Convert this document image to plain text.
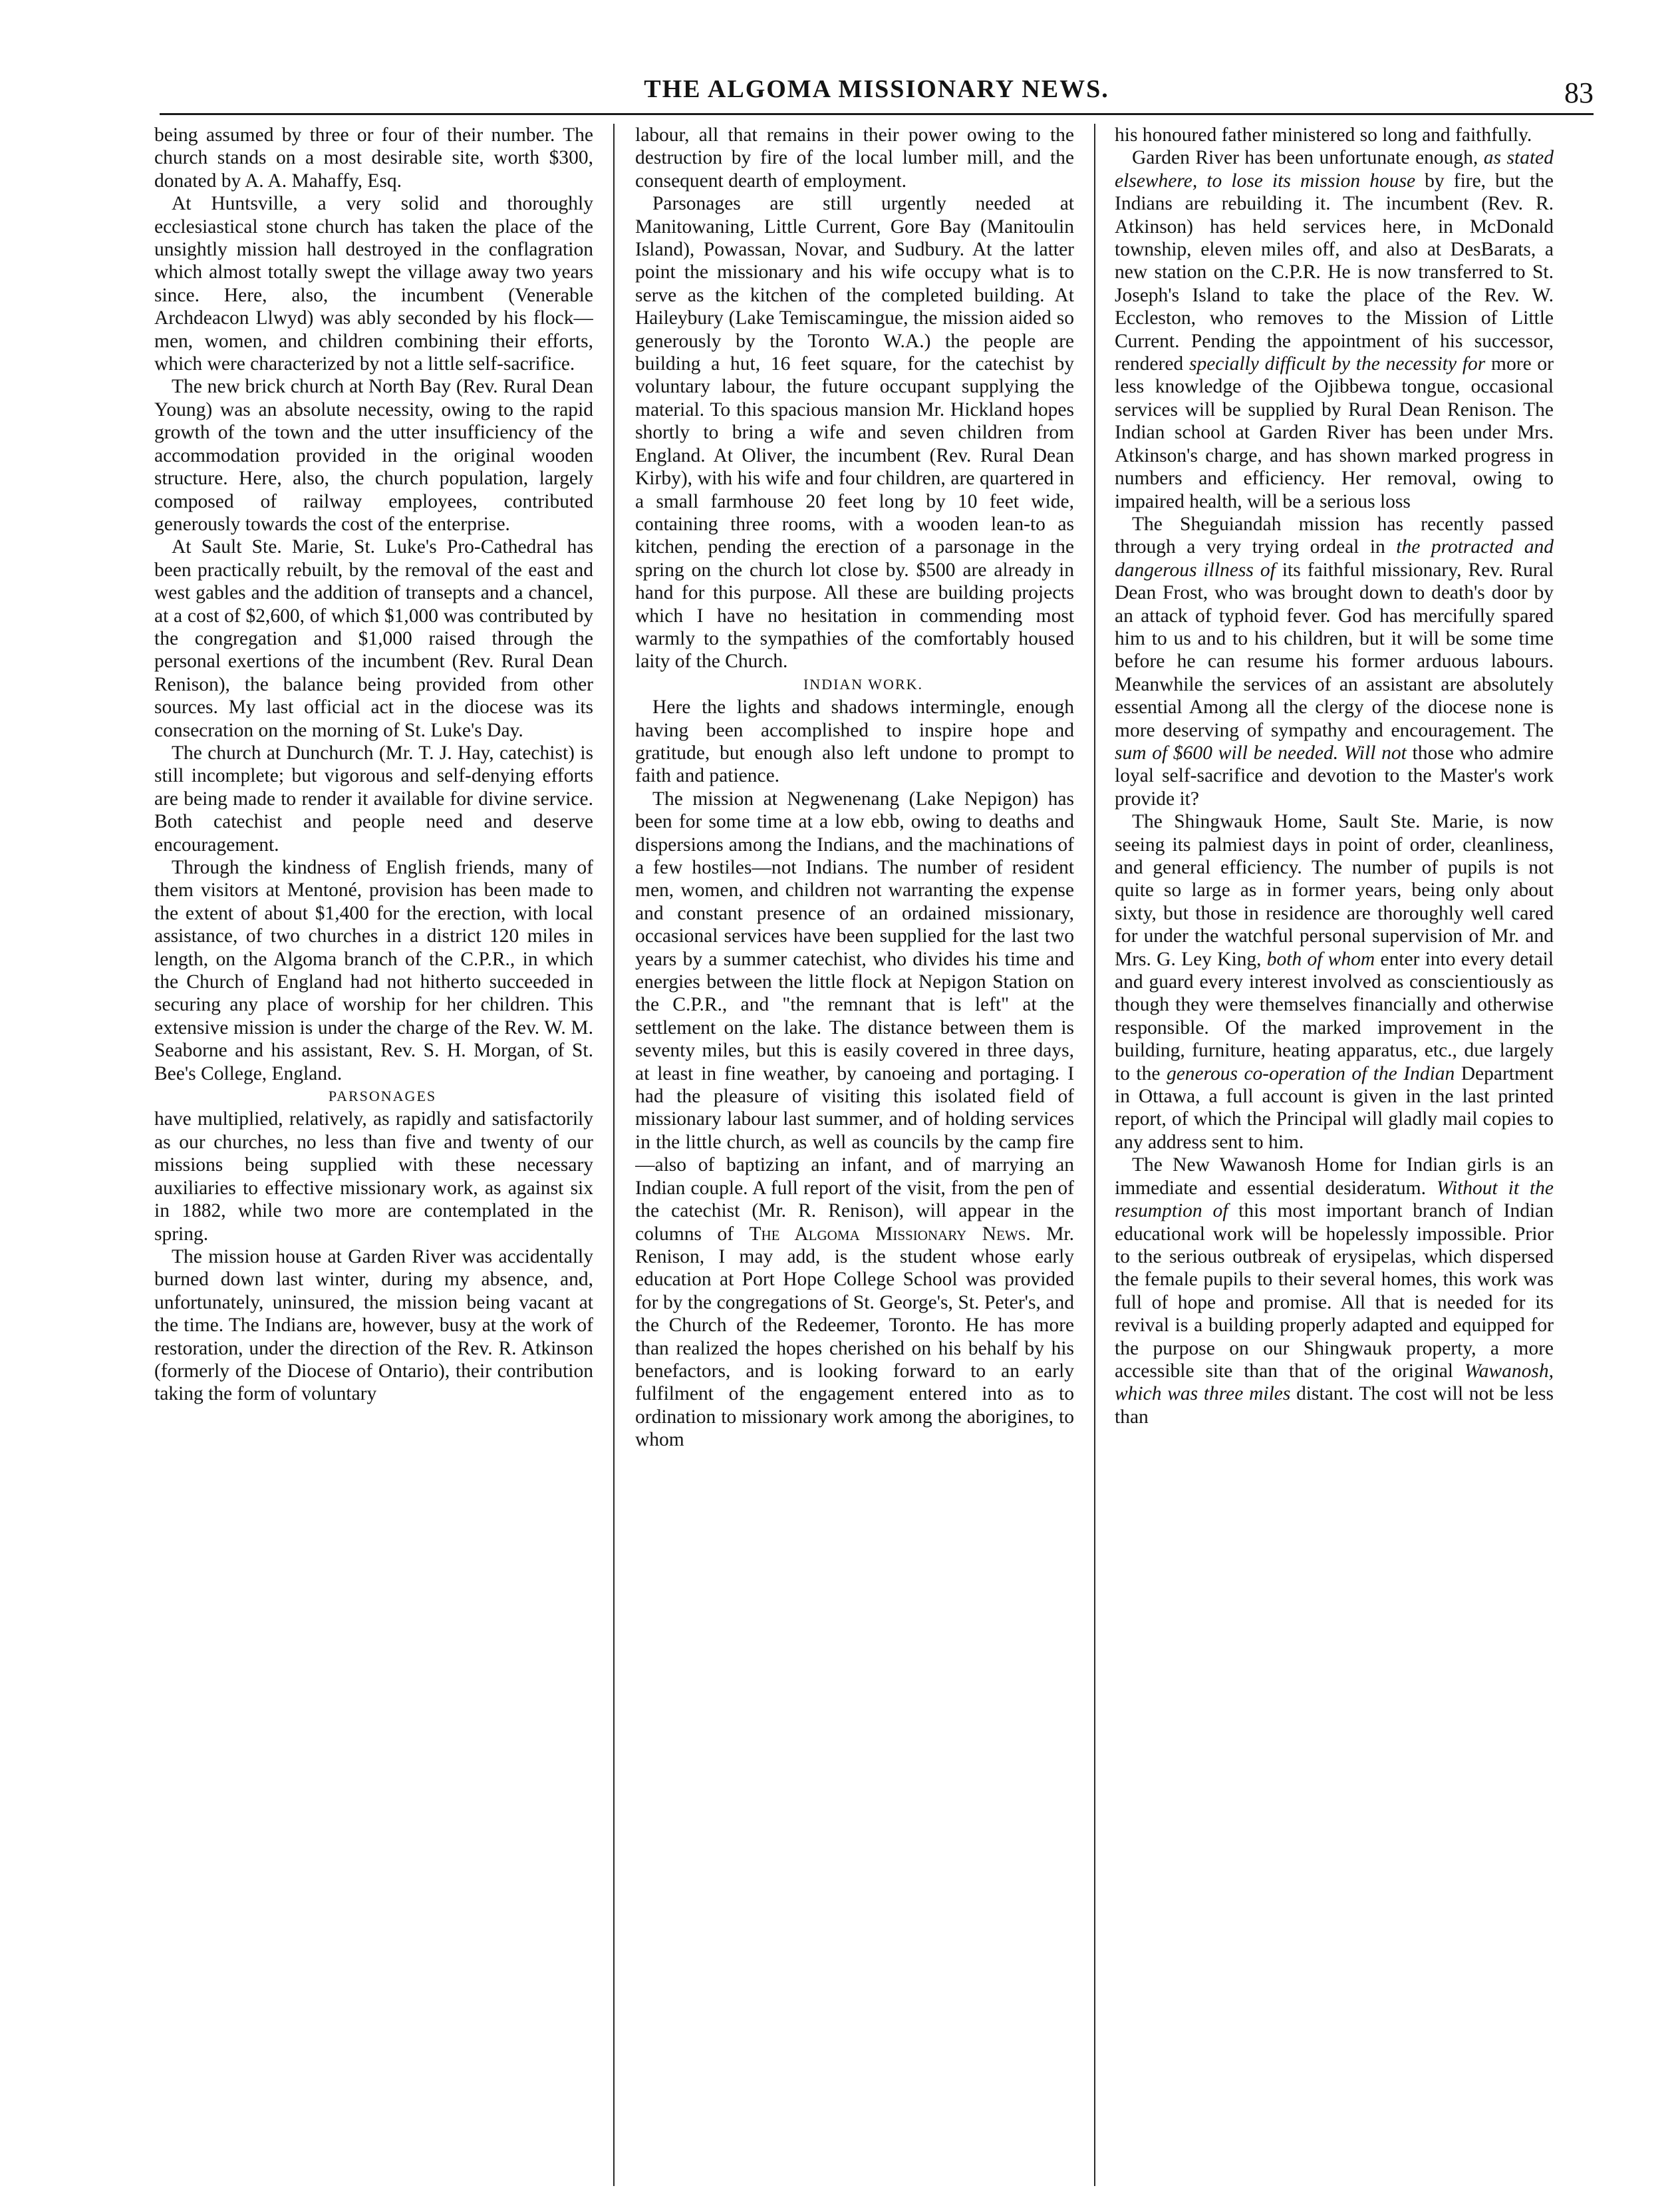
THE ALGOMA MISSIONARY NEWS.	83

being assumed by three or four of their number. The church stands on a most desirable site, worth $300, donated by A. A. Mahaffy, Esq.

At Huntsville, a very solid and thoroughly ecclesiastical stone church has taken the place of the unsightly mission hall destroyed in the conflagration which almost totally swept the village away two years since. Here, also, the incumbent (Venerable Archdeacon Llwyd) was ably seconded by his flock—men, women, and children combining their efforts, which were characterized by not a little self-sacrifice.

The new brick church at North Bay (Rev. Rural Dean Young) was an absolute necessity, owing to the rapid growth of the town and the utter insufficiency of the accommodation provided in the original wooden structure. Here, also, the church population, largely composed of railway employees, contributed generously towards the cost of the enterprise.

At Sault Ste. Marie, St. Luke's Pro-Cathedral has been practically rebuilt, by the removal of the east and west gables and the addition of transepts and a chancel, at a cost of $2,600, of which $1,000 was contributed by the congregation and $1,000 raised through the personal exertions of the incumbent (Rev. Rural Dean Renison), the balance being provided from other sources. My last official act in the diocese was its consecration on the morning of St. Luke's Day.

The church at Dunchurch (Mr. T. J. Hay, catechist) is still incomplete; but vigorous and self-denying efforts are being made to render it available for divine service. Both catechist and people need and deserve encouragement.

Through the kindness of English friends, many of them visitors at Mentoné, provision has been made to the extent of about $1,400 for the erection, with local assistance, of two churches in a district 120 miles in length, on the Algoma branch of the C.P.R., in which the Church of England had not hitherto succeeded in securing any place of worship for her children. This extensive mission is under the charge of the Rev. W. M. Seaborne and his assistant, Rev. S. H. Morgan, of St. Bee's College, England.

PARSONAGES

have multiplied, relatively, as rapidly and satisfactorily as our churches, no less than five and twenty of our missions being supplied with these necessary auxiliaries to effective missionary work, as against six in 1882, while two more are contemplated in the spring.

The mission house at Garden River was accidentally burned down last winter, during my absence, and, unfortunately, uninsured, the mission being vacant at the time. The Indians are, however, busy at the work of restoration, under the direction of the Rev. R. Atkinson (formerly of the Diocese of Ontario), their contribution taking the form of voluntary

labour, all that remains in their power owing to the destruction by fire of the local lumber mill, and the consequent dearth of employment.

Parsonages are still urgently needed at Manitowaning, Little Current, Gore Bay (Manitoulin Island), Powassan, Novar, and Sudbury. At the latter point the missionary and his wife occupy what is to serve as the kitchen of the completed building. At Haileybury (Lake Temiscamingue, the mission aided so generously by the Toronto W.A.) the people are building a hut, 16 feet square, for the catechist by voluntary labour, the future occupant supplying the material. To this spacious mansion Mr. Hickland hopes shortly to bring a wife and seven children from England. At Oliver, the incumbent (Rev. Rural Dean Kirby), with his wife and four children, are quartered in a small farmhouse 20 feet long by 10 feet wide, containing three rooms, with a wooden lean-to as kitchen, pending the erection of a parsonage in the spring on the church lot close by. $500 are already in hand for this purpose. All these are building projects which I have no hesitation in commending most warmly to the sympathies of the comfortably housed laity of the Church.

INDIAN WORK.

Here the lights and shadows intermingle, enough having been accomplished to inspire hope and gratitude, but enough also left undone to prompt to faith and patience.

The mission at Negwenenang (Lake Nepigon) has been for some time at a low ebb, owing to deaths and dispersions among the Indians, and the machinations of a few hostiles—not Indians. The number of resident men, women, and children not warranting the expense and constant presence of an ordained missionary, occasional services have been supplied for the last two years by a summer catechist, who divides his time and energies between the little flock at Nepigon Station on the C.P.R., and "the remnant that is left" at the settlement on the lake. The distance between them is seventy miles, but this is easily covered in three days, at least in fine weather, by canoeing and portaging. I had the pleasure of visiting this isolated field of missionary labour last summer, and of holding services in the little church, as well as councils by the camp fire—also of baptizing an infant, and of marrying an Indian couple. A full report of the visit, from the pen of the catechist (Mr. R. Renison), will appear in the columns of The Algoma Missionary News. Mr. Renison, I may add, is the student whose early education at Port Hope College School was provided for by the congregations of St. George's, St. Peter's, and the Church of the Redeemer, Toronto. He has more than realized the hopes cherished on his behalf by his benefactors, and is looking forward to an early fulfilment of the engagement entered into as to ordination to missionary work among the aborigines, to whom

his honoured father ministered so long and faithfully.

Garden River has been unfortunate enough, as stated elsewhere, to lose its mission house by fire, but the Indians are rebuilding it. The incumbent (Rev. R. Atkinson) has held services here, in McDonald township, eleven miles off, and also at DesBarats, a new station on the C.P.R. He is now transferred to St. Joseph's Island to take the place of the Rev. W. Eccleston, who removes to the Mission of Little Current. Pending the appointment of his successor, rendered specially difficult by the necessity for more or less knowledge of the Ojibbewa tongue, occasional services will be supplied by Rural Dean Renison. The Indian school at Garden River has been under Mrs. Atkinson's charge, and has shown marked progress in numbers and efficiency. Her removal, owing to impaired health, will be a serious loss

The Sheguiandah mission has recently passed through a very trying ordeal in the protracted and dangerous illness of its faithful missionary, Rev. Rural Dean Frost, who was brought down to death's door by an attack of typhoid fever. God has mercifully spared him to us and to his children, but it will be some time before he can resume his former arduous labours. Meanwhile the services of an assistant are absolutely essential Among all the clergy of the diocese none is more deserving of sympathy and encouragement. The sum of $600 will be needed. Will not those who admire loyal self-sacrifice and devotion to the Master's work provide it?

The Shingwauk Home, Sault Ste. Marie, is now seeing its palmiest days in point of order, cleanliness, and general efficiency. The number of pupils is not quite so large as in former years, being only about sixty, but those in residence are thoroughly well cared for under the watchful personal supervision of Mr. and Mrs. G. Ley King, both of whom enter into every detail and guard every interest involved as conscientiously as though they were themselves financially and otherwise responsible. Of the marked improvement in the building, furniture, heating apparatus, etc., due largely to the generous co-operation of the Indian Department in Ottawa, a full account is given in the last printed report, of which the Principal will gladly mail copies to any address sent to him.

The New Wawanosh Home for Indian girls is an immediate and essential desideratum. Without it the resumption of this most important branch of Indian educational work will be hopelessly impossible. Prior to the serious outbreak of erysipelas, which dispersed the female pupils to their several homes, this work was full of hope and promise. All that is needed for its revival is a building properly adapted and equipped for the purpose on our Shingwauk property, a more accessible site than that of the original Wawanosh, which was three miles distant. The cost will not be less than
